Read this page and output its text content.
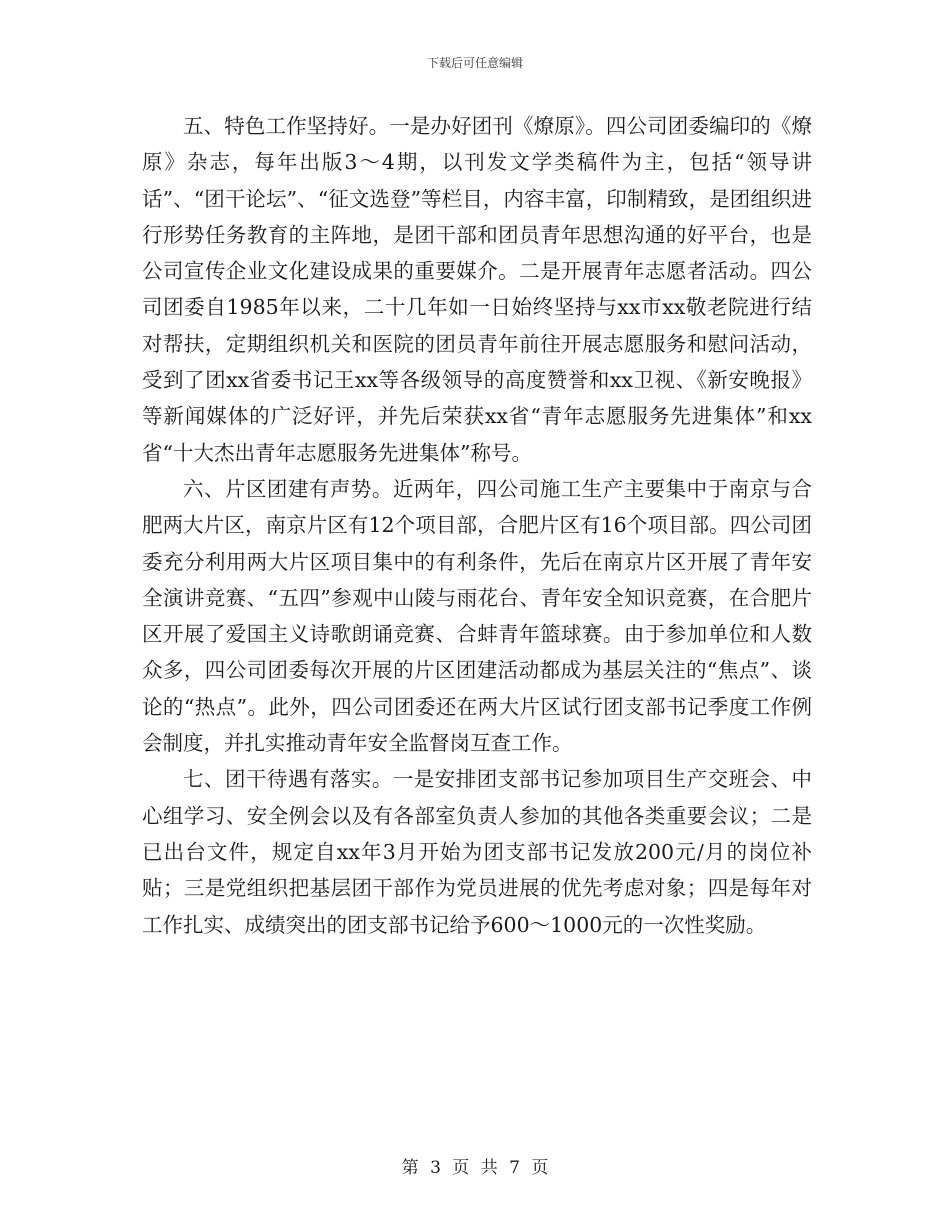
下载后可任意编辑

五、特色工作坚持好。一是办好团刊《燎原》。四公司团委编印的《燎原》杂志，每年出版3～4期，以刊发文学类稿件为主，包括“领导讲话”、“团干论坛”、“征文选登”等栏目，内容丰富，印制精致，是团组织进行形势任务教育的主阵地，是团干部和团员青年思想沟通的好平台，也是公司宣传企业文化建设成果的重要媒介。二是开展青年志愿者活动。四公司团委自1985年以来，二十几年如一日始终坚持与xx市xx敬老院进行结对帮扶，定期组织机关和医院的团员青年前往开展志愿服务和慰问活动，受到了团xx省委书记王xx等各级领导的高度赞誉和xx卫视、《新安晚报》等新闻媒体的广泛好评，并先后荣获xx省“青年志愿服务先进集体”和xx省“十大杰出青年志愿服务先进集体”称号。

六、片区团建有声势。近两年，四公司施工生产主要集中于南京与合肥两大片区，南京片区有12个项目部，合肥片区有16个项目部。四公司团委充分利用两大片区项目集中的有利条件，先后在南京片区开展了青年安全演讲竞赛、“五四”参观中山陵与雨花台、青年安全知识竞赛，在合肥片区开展了爱国主义诗歌朗诵竞赛、合蚌青年篮球赛。由于参加单位和人数众多，四公司团委每次开展的片区团建活动都成为基层关注的“焦点”、谈论的“热点”。此外，四公司团委还在两大片区试行团支部书记季度工作例会制度，并扎实推动青年安全监督岗互查工作。

七、团干待遇有落实。一是安排团支部书记参加项目生产交班会、中心组学习、安全例会以及有各部室负责人参加的其他各类重要会议；二是已出台文件，规定自xx年3月开始为团支部书记发放200元/月的岗位补贴；三是党组织把基层团干部作为党员进展的优先考虑对象；四是每年对工作扎实、成绩突出的团支部书记给予600～1000元的一次性奖励。

第 3 页 共 7 页
